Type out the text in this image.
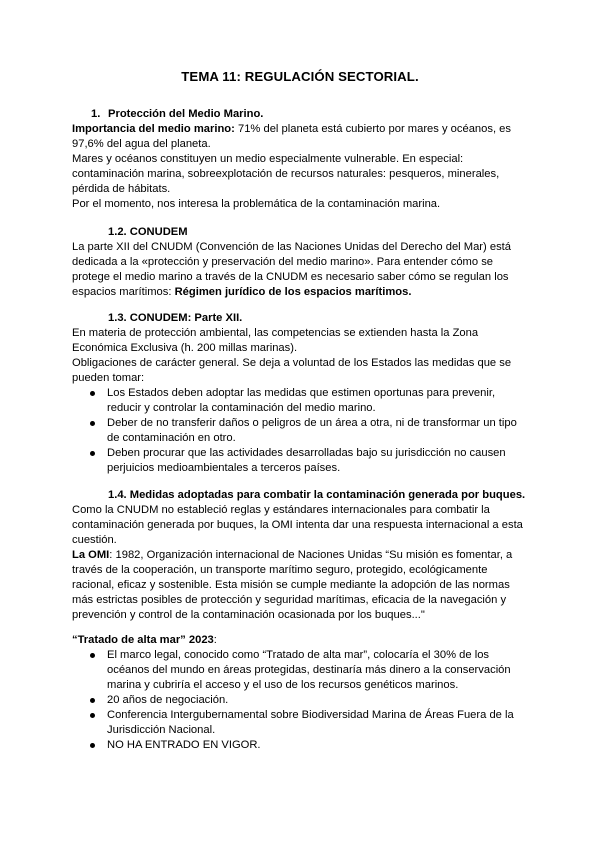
TEMA 11: REGULACIÓN SECTORIAL.
1. Protección del Medio Marino.

Importancia del medio marino: 71% del planeta está cubierto por mares y océanos, es 97,6% del agua del planeta.

Mares y océanos constituyen un medio especialmente vulnerable. En especial: contaminación marina, sobreexplotación de recursos naturales: pesqueros, minerales, pérdida de hábitats.

Por el momento, nos interesa la problemática de la contaminación marina.

1.2. CONUDEM

La parte XII del CNUDM (Convención de las Naciones Unidas del Derecho del Mar) está dedicada a la «protección y preservación del medio marino». Para entender cómo se protege el medio marino a través de la CNUDM es necesario saber cómo se regulan los espacios marítimos: Régimen jurídico de los espacios marítimos.

1.3. CONUDEM: Parte XII.

En materia de protección ambiental, las competencias se extienden hasta la Zona Económica Exclusiva (h. 200 millas marinas).

Obligaciones de carácter general. Se deja a voluntad de los Estados las medidas que se pueden tomar:

Los Estados deben adoptar las medidas que estimen oportunas para prevenir, reducir y controlar la contaminación del medio marino.
Deber de no transferir daños o peligros de un área a otra, ni de transformar un tipo de contaminación en otro.
Deben procurar que las actividades desarrolladas bajo su jurisdicción no causen perjuicios medioambientales a terceros países.
1.4. Medidas adoptadas para combatir la contaminación generada por buques.

Como la CNUDM no estableció reglas y estándares internacionales para combatir la contaminación generada por buques, la OMI intenta dar una respuesta internacional a esta cuestión.

La OMI: 1982, Organización internacional de Naciones Unidas “Su misión es fomentar, a través de la cooperación, un transporte marítimo seguro, protegido, ecológicamente racional, eficaz y sostenible. Esta misión se cumple mediante la adopción de las normas más estrictas posibles de protección y seguridad marítimas, eficacia de la navegación y prevención y control de la contaminación ocasionada por los buques..."

“Tratado de alta mar” 2023:

El marco legal, conocido como “Tratado de alta mar”, colocaría el 30% de los océanos del mundo en áreas protegidas, destinaría más dinero a la conservación marina y cubriría el acceso y el uso de los recursos genéticos marinos.
20 años de negociación.
Conferencia Intergubernamental sobre Biodiversidad Marina de Áreas Fuera de la Jurisdicción Nacional.
NO HA ENTRADO EN VIGOR.
